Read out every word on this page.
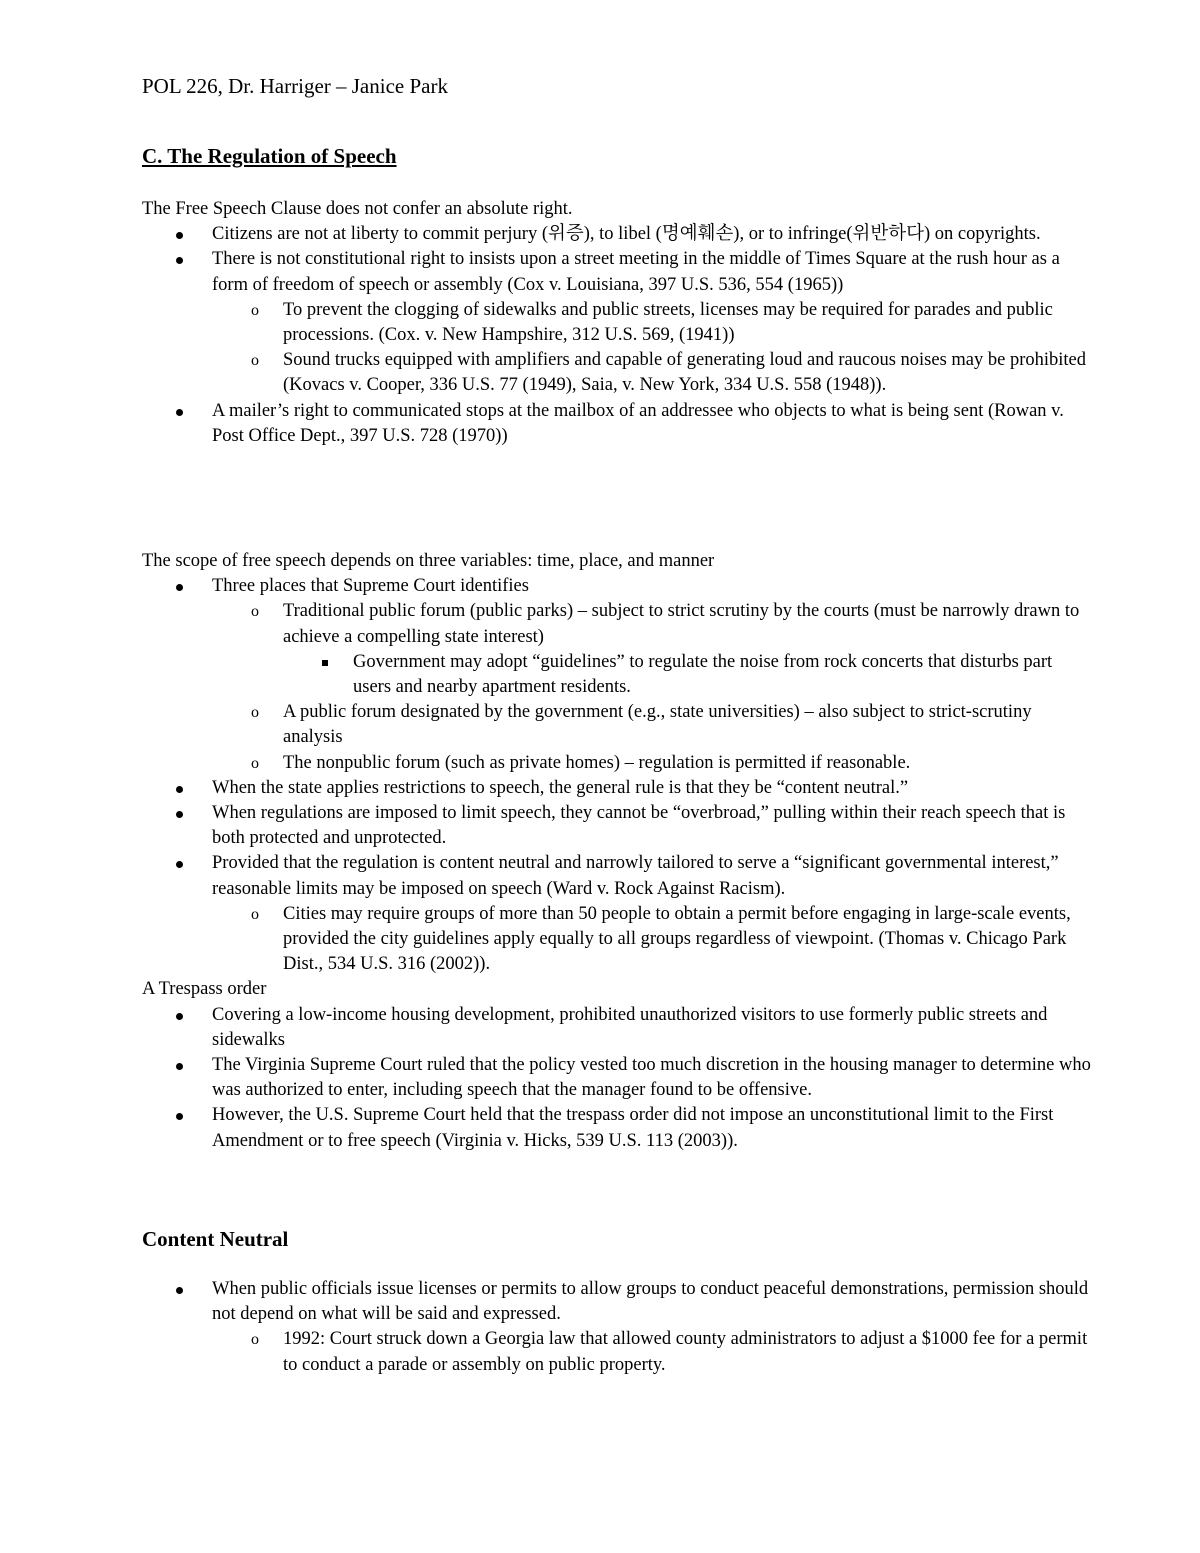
POL 226, Dr. Harriger – Janice Park
C. The Regulation of Speech

The Free Speech Clause does not confer an absolute right.

Citizens are not at liberty to commit perjury (위증), to libel (명예훼손), or to infringe(위반하다) on copyrights.
There is not constitutional right to insists upon a street meeting in the middle of Times Square at the rush hour as a form of freedom of speech or assembly (Cox v. Louisiana, 397 U.S. 536, 554 (1965))
o To prevent the clogging of sidewalks and public streets, licenses may be required for parades and public processions. (Cox. v. New Hampshire, 312 U.S. 569, (1941))
o Sound trucks equipped with amplifiers and capable of generating loud and raucous noises may be prohibited (Kovacs v. Cooper, 336 U.S. 77 (1949), Saia, v. New York, 334 U.S. 558 (1948)).
A mailer’s right to communicated stops at the mailbox of an addressee who objects to what is being sent (Rowan v. Post Office Dept., 397 U.S. 728 (1970))

The scope of free speech depends on three variables: time, place, and manner

Three places that Supreme Court identifies
o Traditional public forum (public parks) – subject to strict scrutiny by the courts (must be narrowly drawn to achieve a compelling state interest)
Government may adopt “guidelines” to regulate the noise from rock concerts that disturbs part users and nearby apartment residents.
o A public forum designated by the government (e.g., state universities) – also subject to strict-scrutiny analysis
o The nonpublic forum (such as private homes) – regulation is permitted if reasonable.
When the state applies restrictions to speech, the general rule is that they be “content neutral.”
When regulations are imposed to limit speech, they cannot be “overbroad,” pulling within their reach speech that is both protected and unprotected.
Provided that the regulation is content neutral and narrowly tailored to serve a “significant governmental interest,” reasonable limits may be imposed on speech (Ward v. Rock Against Racism).
o Cities may require groups of more than 50 people to obtain a permit before engaging in large-scale events, provided the city guidelines apply equally to all groups regardless of viewpoint. (Thomas v. Chicago Park Dist., 534 U.S. 316 (2002)).

A Trespass order

Covering a low-income housing development, prohibited unauthorized visitors to use formerly public streets and sidewalks
The Virginia Supreme Court ruled that the policy vested too much discretion in the housing manager to determine who was authorized to enter, including speech that the manager found to be offensive.
However, the U.S. Supreme Court held that the trespass order did not impose an unconstitutional limit to the First Amendment or to free speech (Virginia v. Hicks, 539 U.S. 113 (2003)).
Content Neutral
When public officials issue licenses or permits to allow groups to conduct peaceful demonstrations, permission should not depend on what will be said and expressed.
o 1992: Court struck down a Georgia law that allowed county administrators to adjust a $1000 fee for a permit to conduct a parade or assembly on public property.
